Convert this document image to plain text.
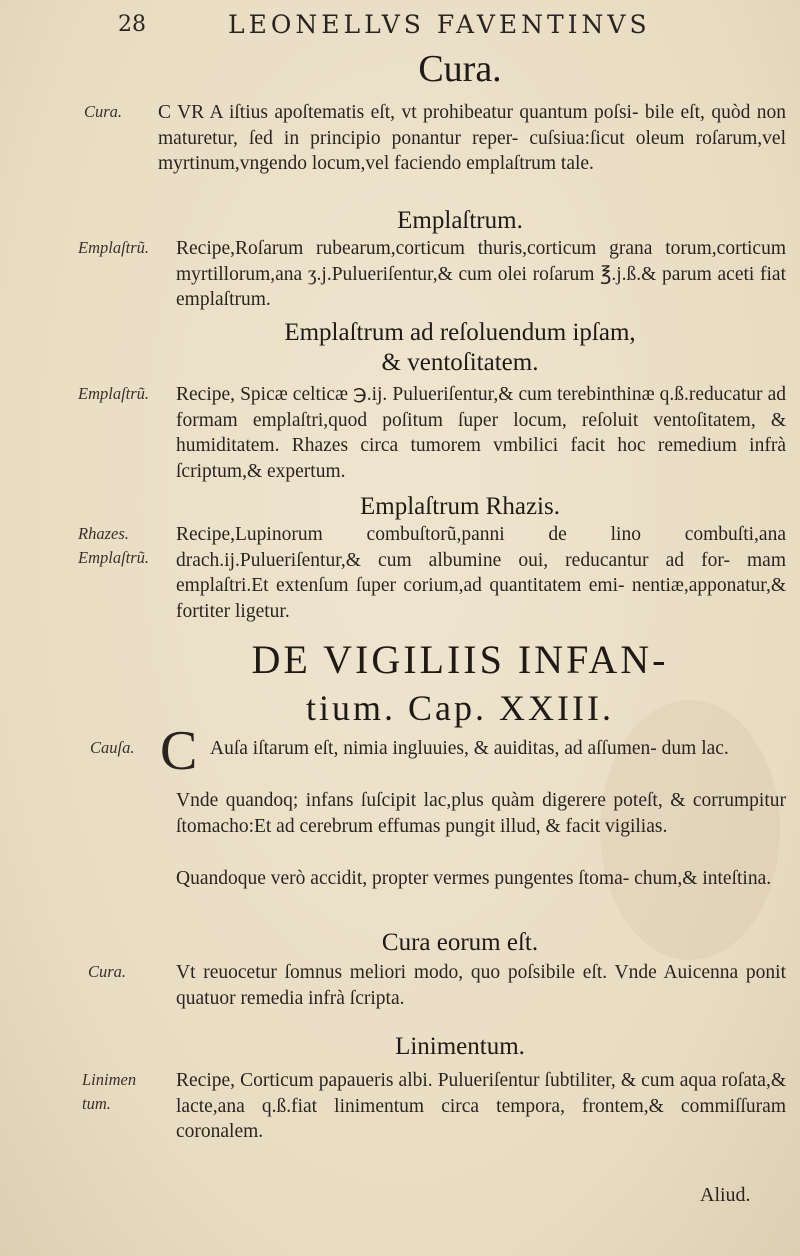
28	LEONELLVS FAVENTINVS
Cura.
Cura. C VR A iſtius apoſtematis eſt, vt prohibeatur quantum poſsi- bile eſt, quòd non maturetur, ſed in principio ponantur reper- cuſsiua:ſicut oleum roſarum,vel myrtinum,vngendo locum,vel faciendo emplaſtrum tale.

Emplaſtrum.
Emplaſtrũ. Recipe,Roſarum rubearum,corticum thuris,corticum grana torum,corticum myrtillorum,ana ʒ.j.Pulueriſentur,& cum olei roſarum ℥.j.ß.& parum aceti fiat emplaſtrum.

Emplaſtrum ad reſoluendum ipſam,
& ventoſitatem.
Emplaſtrũ. Recipe, Spicæ celticæ ℈.ij. Pulueriſentur,& cum terebinthinæ q.ß.reducatur ad formam emplaſtri,quod poſitum ſuper locum, reſoluit ventoſitatem, & humiditatem. Rhazes circa tumorem vmbilici facit hoc remedium infrà ſcriptum,& expertum.

Emplaſtrum Rhazis.
Rhazes.
Emplaſtrũ.

Recipe,Lupinorum combuſtorũ,panni de lino combuſti,ana drach.ij.Pulueriſentur,& cum albumine oui, reducantur ad for- mam emplaſtri.Et extenſum ſuper corium,ad quantitatem emi- nentiæ,apponatur,& fortiter ligetur.

DE VIGILIIS INFAN-
tium. Cap. XXIII.
Cauſa. C Auſa iſtarum eſt, nimia ingluuies, & auiditas, ad aſſumen- dum lac.

Vnde quandoq; infans ſuſcipit lac,plus quàm digerere poteſt, & corrumpitur ſtomacho:Et ad cerebrum effumas pungit illud, & facit vigilias.

Quandoque verò accidit, propter vermes pungentes ſtoma- chum,& inteſtina.

Cura eorum eſt.
Cura.	Vt reuocetur ſomnus meliori modo, quo poſsibile eſt. Vnde Auicenna ponit quatuor remedia infrà ſcripta.

Linimentum.
Linimen
tum.

Recipe, Corticum papaueris albi. Pulueriſentur ſubtiliter, & cum aqua roſata,& lacte,ana q.ß.fiat linimentum circa tempora, frontem,& commiſſuram coronalem.

Aliud.
